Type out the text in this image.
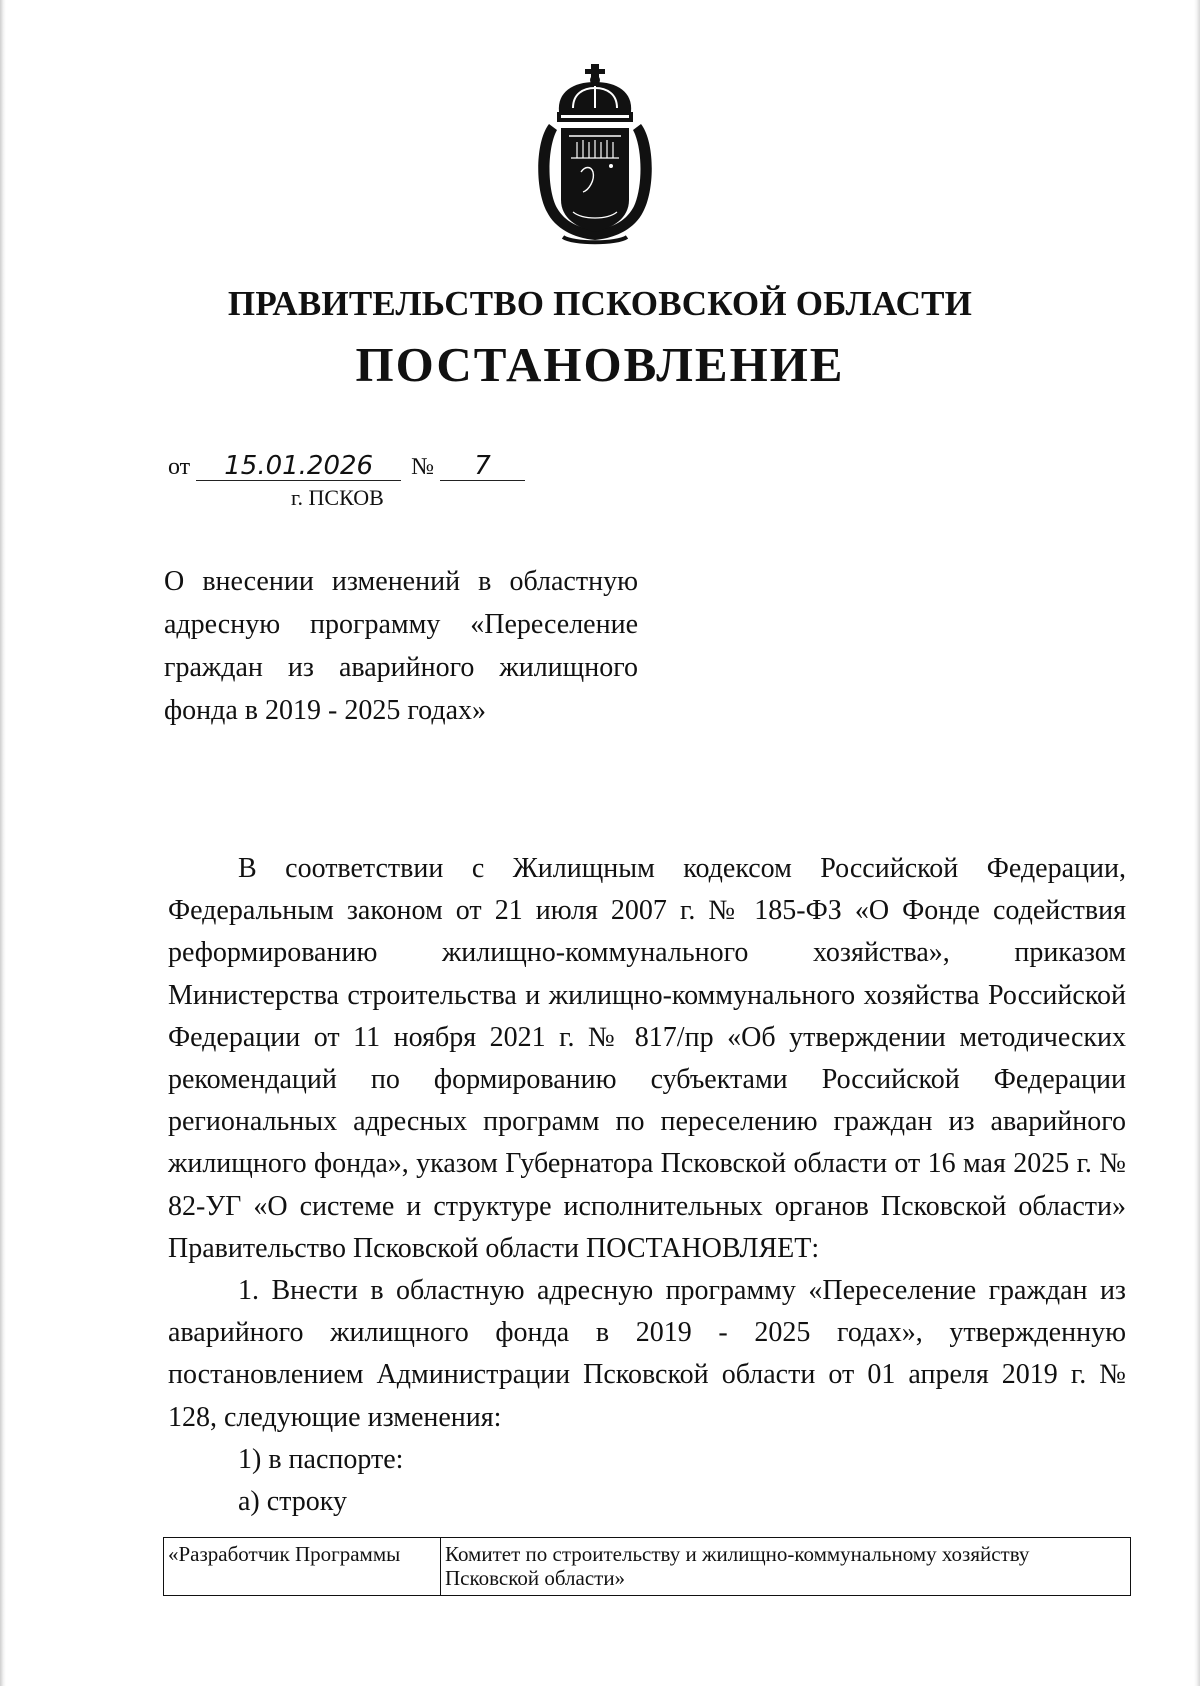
ПРАВИТЕЛЬСТВО ПСКОВСКОЙ ОБЛАСТИ
ПОСТАНОВЛЕНИЕ
от 15.01.2026 № 7
г. ПСКОВ

О внесении изменений в областную

адресную программу «Переселение

граждан из аварийного жилищного

фонда в 2019 - 2025 годах»

В соответствии с Жилищным кодексом Российской Федерации, Федеральным законом от 21 июля 2007 г. № 185-ФЗ «О Фонде содействия реформированию жилищно-коммунального хозяйства», приказом Министерства строительства и жилищно-коммунального хозяйства Российской Федерации от 11 ноября 2021 г. № 817/пр «Об утверждении методических рекомендаций по формированию субъектами Российской Федерации региональных адресных программ по переселению граждан из аварийного жилищного фонда», указом Губернатора Псковской области от 16 мая 2025 г. № 82-УГ «О системе и структуре исполнительных органов Псковской области» Правительство Псковской области ПОСТАНОВЛЯЕТ:

1. Внести в областную адресную программу «Переселение граждан из аварийного жилищного фонда в 2019 - 2025 годах», утвержденную постановлением Администрации Псковской области от 01 апреля 2019 г. № 128, следующие изменения:

1) в паспорте:

а) строку

«Разработчик Программы	Комитет по строительству и жилищно-коммунальному хозяйству Псковской области»
